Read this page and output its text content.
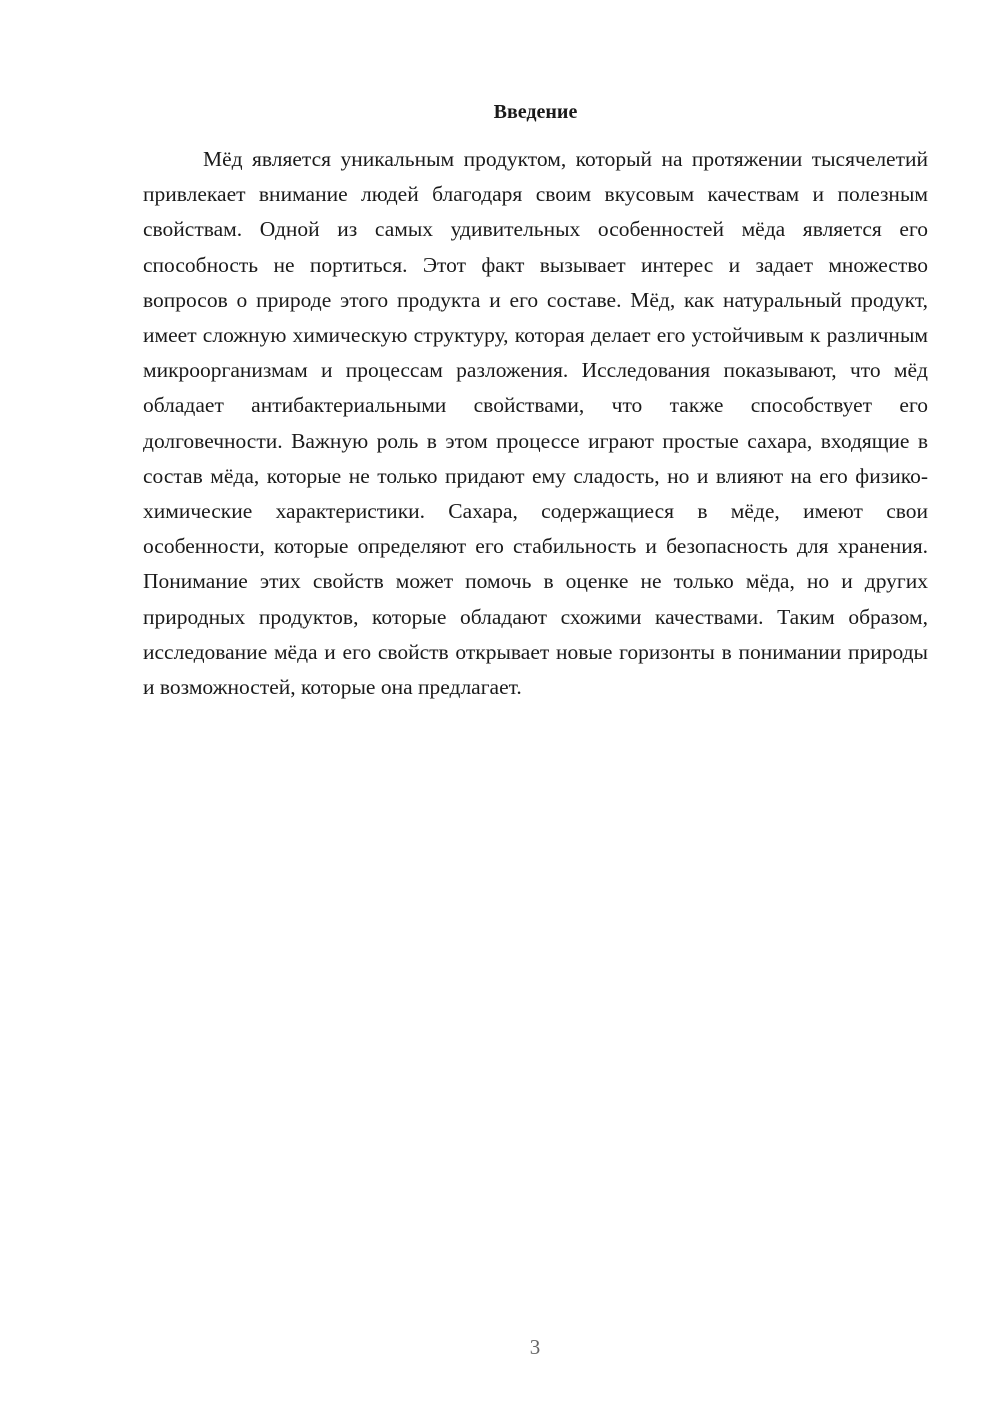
Введение

Мёд является уникальным продуктом, который на протяжении тысячелетий привлекает внимание людей благодаря своим вкусовым качествам и полезным свойствам. Одной из самых удивительных особенностей мёда является его способность не портиться. Этот факт вызывает интерес и задает множество вопросов о природе этого продукта и его составе. Мёд, как натуральный продукт, имеет сложную химическую структуру, которая делает его устойчивым к различным микроорганизмам и процессам разложения. Исследования показывают, что мёд обладает антибактериальными свойствами, что также способствует его долговечности. Важную роль в этом процессе играют простые сахара, входящие в состав мёда, которые не только придают ему сладость, но и влияют на его физико-химические характеристики. Сахара, содержащиеся в мёде, имеют свои особенности, которые определяют его стабильность и безопасность для хранения. Понимание этих свойств может помочь в оценке не только мёда, но и других природных продуктов, которые обладают схожими качествами. Таким образом, исследование мёда и его свойств открывает новые горизонты в понимании природы и возможностей, которые она предлагает.

3
